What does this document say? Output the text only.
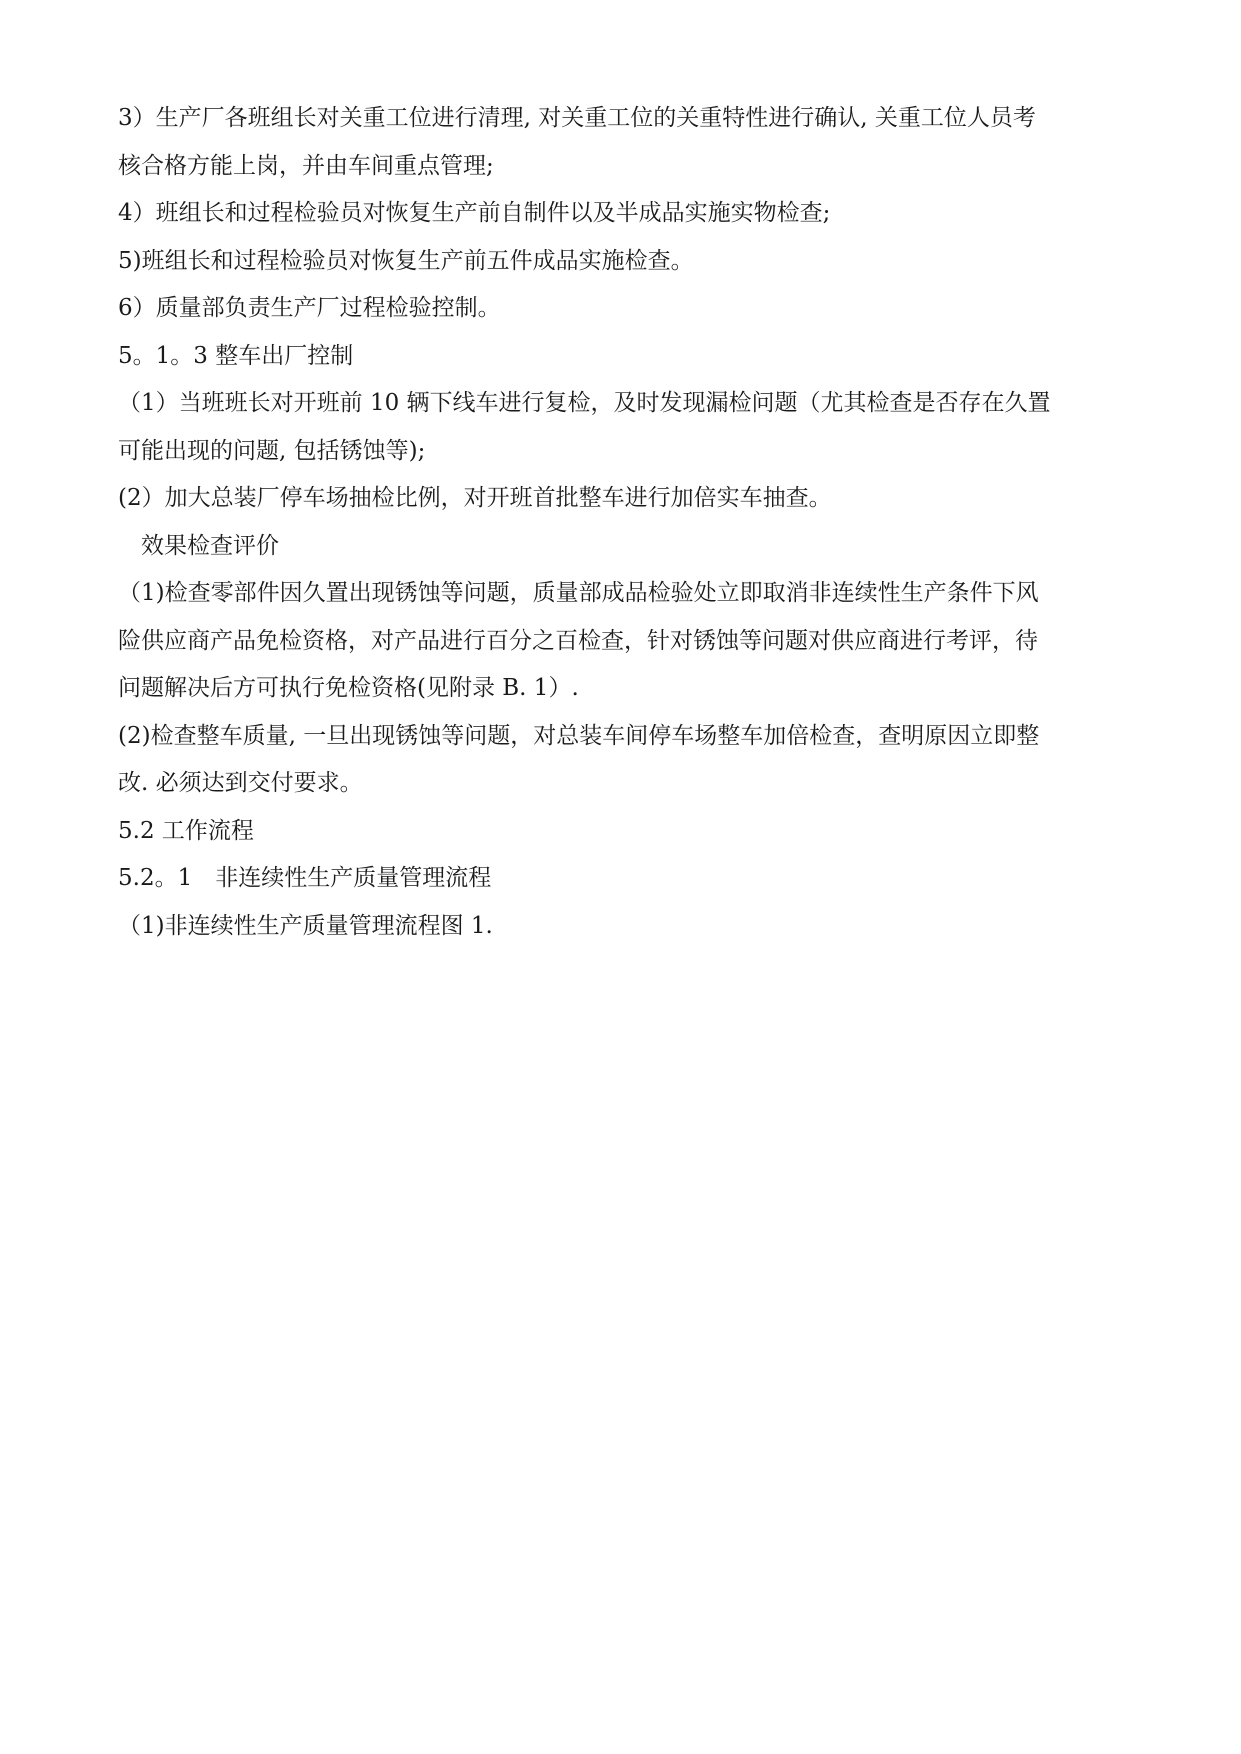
3）生产厂各班组长对关重工位进行清理, 对关重工位的关重特性进行确认, 关重工位人员考
核合格方能上岗，并由车间重点管理;
4）班组长和过程检验员对恢复生产前自制件以及半成品实施实物检查;
5)班组长和过程检验员对恢复生产前五件成品实施检查。
6）质量部负责生产厂过程检验控制。
5。1。3 整车出厂控制
（1）当班班长对开班前 10 辆下线车进行复检，及时发现漏检问题（尤其检查是否存在久置
可能出现的问题, 包括锈蚀等);
(2）加大总装厂停车场抽检比例，对开班首批整车进行加倍实车抽查。
　效果检查评价
（1)检查零部件因久置出现锈蚀等问题，质量部成品检验处立即取消非连续性生产条件下风
险供应商产品免检资格，对产品进行百分之百检查，针对锈蚀等问题对供应商进行考评，待
问题解决后方可执行免检资格(见附录 B. 1）.
(2)检查整车质量, 一旦出现锈蚀等问题，对总装车间停车场整车加倍检查，查明原因立即整
改. 必须达到交付要求。
5.2 工作流程
5.2。1　非连续性生产质量管理流程
（1)非连续性生产质量管理流程图 1.
